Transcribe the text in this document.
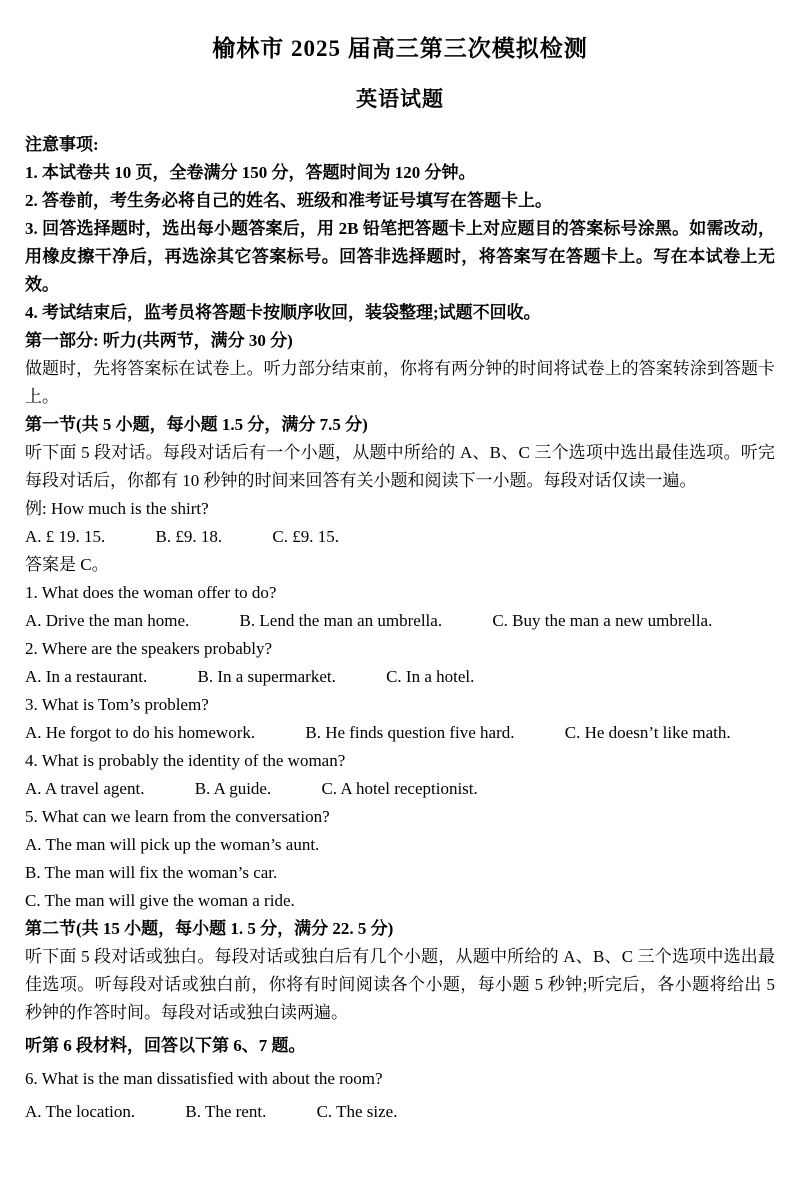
榆林市 2025 届高三第三次模拟检测
英语试题

注意事项:

1. 本试卷共 10 页，全卷满分 150 分，答题时间为 120 分钟。

2. 答卷前，考生务必将自己的姓名、班级和准考证号填写在答题卡上。

3. 回答选择题时，选出每小题答案后，用 2B 铅笔把答题卡上对应题目的答案标号涂黑。如需改动，用橡皮擦干净后，再选涂其它答案标号。回答非选择题时，将答案写在答题卡上。写在本试卷上无效。

4. 考试结束后，监考员将答题卡按顺序收回，装袋整理;试题不回收。

第一部分: 听力(共两节，满分 30 分)

做题时，先将答案标在试卷上。听力部分结束前，你将有两分钟的时间将试卷上的答案转涂到答题卡上。

第一节(共 5 小题，每小题 1.5 分，满分 7.5 分)

听下面 5 段对话。每段对话后有一个小题，从题中所给的 A、B、C 三个选项中选出最佳选项。听完每段对话后，你都有 10 秒钟的时间来回答有关小题和阅读下一小题。每段对话仅读一遍。

例: How much is the shirt?

A. £ 19. 15.	B. £9. 18.	C. £9. 15.

答案是 C。

1. What does the woman offer to do?

A. Drive the man home.	B. Lend the man an umbrella.	C. Buy the man a new umbrella.

2. Where are the speakers probably?

A. In a restaurant.	B. In a supermarket.	C. In a hotel.

3. What is Tom’s problem?

A. He forgot to do his homework.	B. He finds question five hard.	C. He doesn’t like math.

4. What is probably the identity of the woman?

A. A travel agent.	B. A guide.	C. A hotel receptionist.

5. What can we learn from the conversation?

A. The man will pick up the woman’s aunt.

B. The man will fix the woman’s car.

C. The man will give the woman a ride.

第二节(共 15 小题，每小题 1. 5 分，满分 22. 5 分)

听下面 5 段对话或独白。每段对话或独白后有几个小题，从题中所给的 A、B、C 三个选项中选出最佳选项。听每段对话或独白前，你将有时间阅读各个小题，每小题 5 秒钟;听完后，各小题将给出 5 秒钟的作答时间。每段对话或独白读两遍。

听第 6 段材料，回答以下第 6、7 题。

6. What is the man dissatisfied with about the room?

A. The location.	B. The rent.	C. The size.
